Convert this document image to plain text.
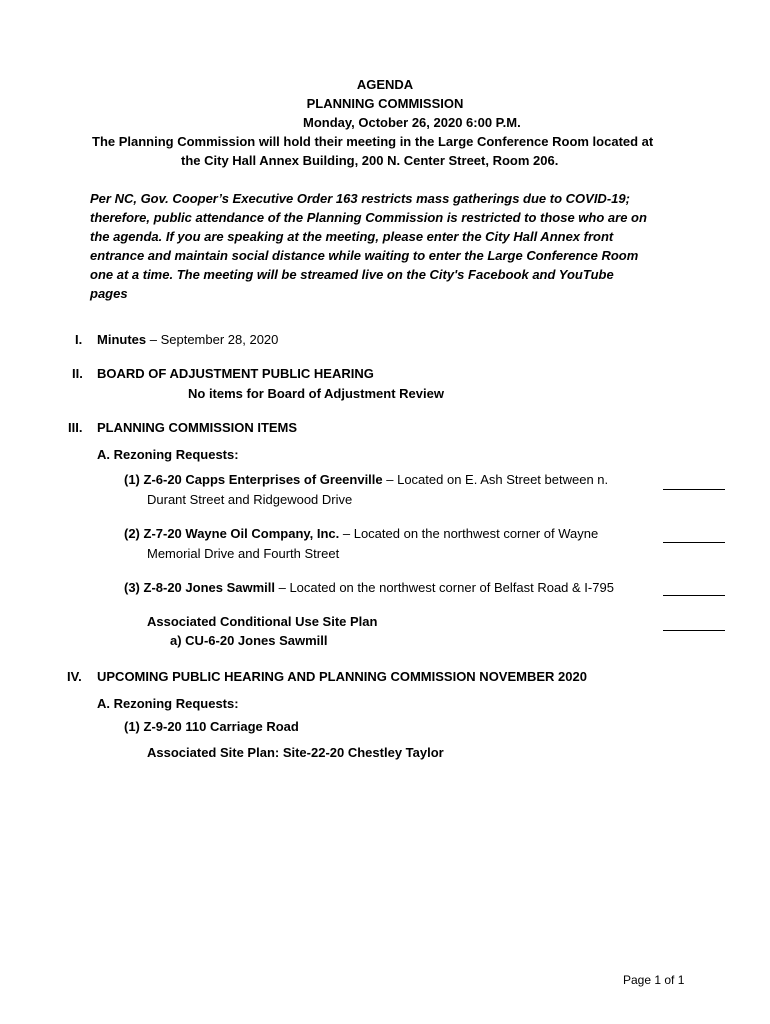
AGENDA
PLANNING COMMISSION
Monday, October 26, 2020 6:00 P.M.
The Planning Commission will hold their meeting in the Large Conference Room located at
the City Hall Annex Building, 200 N. Center Street, Room 206.
Per NC, Gov. Cooper’s Executive Order 163 restricts mass gatherings due to COVID-19;
therefore, public attendance of the Planning Commission is restricted to those who are on
the agenda. If you are speaking at the meeting, please enter the City Hall Annex front
entrance and maintain social distance while waiting to enter the Large Conference Room
one at a time. The meeting will be streamed live on the City's Facebook and YouTube
pages
I. Minutes – September 28, 2020
II. BOARD OF ADJUSTMENT PUBLIC HEARING
No items for Board of Adjustment Review
III. PLANNING COMMISSION ITEMS
A. Rezoning Requests:
(1) Z-6-20 Capps Enterprises of Greenville – Located on E. Ash Street between n.
Durant Street and Ridgewood Drive
(2) Z-7-20 Wayne Oil Company, Inc. – Located on the northwest corner of Wayne
Memorial Drive and Fourth Street
(3) Z-8-20 Jones Sawmill – Located on the northwest corner of Belfast Road & I-795
Associated Conditional Use Site Plan
a) CU-6-20 Jones Sawmill
IV. UPCOMING PUBLIC HEARING AND PLANNING COMMISSION NOVEMBER 2020
A. Rezoning Requests:
(1) Z-9-20 110 Carriage Road
Associated Site Plan: Site-22-20 Chestley Taylor
Page 1 of 1
